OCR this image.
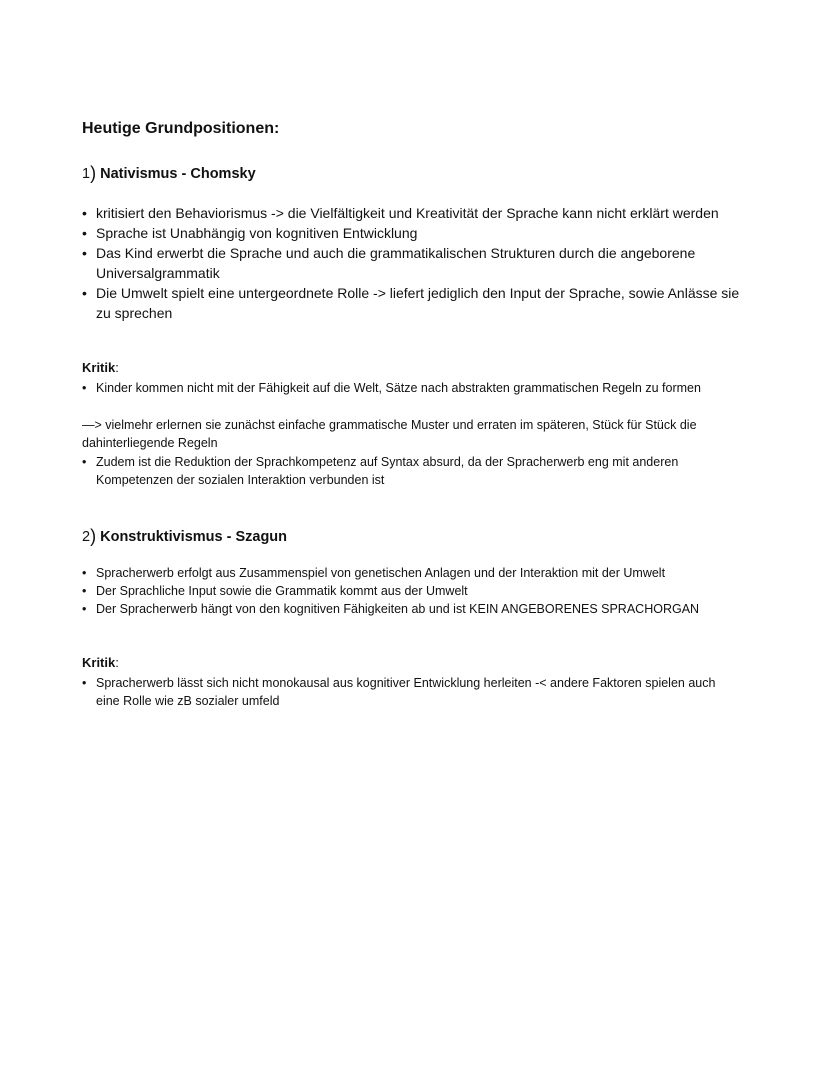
Heutige Grundpositionen:
1) Nativismus - Chomsky
• kritisiert den Behaviorismus -> die Vielfältigkeit und Kreativität der Sprache kann nicht erklärt werden
• Sprache ist Unabhängig von kognitiven Entwicklung
• Das Kind erwerbt die Sprache und auch die grammatikalischen Strukturen durch die angeborene Universalgrammatik
• Die Umwelt spielt eine untergeordnete Rolle -> liefert jediglich den Input der Sprache, sowie Anlässe sie zu sprechen

Kritik:

• Kinder kommen nicht mit der Fähigkeit auf die Welt, Sätze nach abstrakten grammatischen Regeln zu formen

—> vielmehr erlernen sie zunächst einfache grammatische Muster und erraten im späteren, Stück für Stück die dahinterliegende Regeln

• Zudem ist die Reduktion der Sprachkompetenz auf Syntax absurd, da der Spracherwerb eng mit anderen Kompetenzen der sozialen Interaktion verbunden ist
2) Konstruktivismus - Szagun
• Spracherwerb erfolgt aus Zusammenspiel von genetischen Anlagen und der Interaktion mit der Umwelt
• Der Sprachliche Input sowie die Grammatik kommt aus der Umwelt
• Der Spracherwerb hängt von den kognitiven Fähigkeiten ab und ist KEIN ANGEBORENES SPRACHORGAN

Kritik:

• Spracherwerb lässt sich nicht monokausal aus kognitiver Entwicklung herleiten -< andere Faktoren spielen auch eine Rolle wie zB sozialer umfeld
